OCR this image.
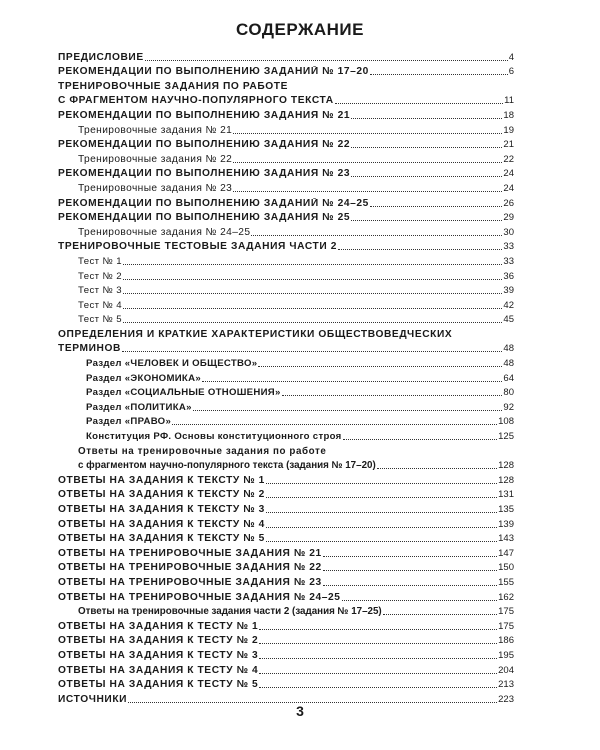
СОДЕРЖАНИЕ
ПРЕДИСЛОВИЕ	4
РЕКОМЕНДАЦИИ ПО ВЫПОЛНЕНИЮ ЗАДАНИЙ № 17–20	6
ТРЕНИРОВОЧНЫЕ ЗАДАНИЯ ПО РАБОТЕ
С ФРАГМЕНТОМ НАУЧНО-ПОПУЛЯРНОГО ТЕКСТА	11
РЕКОМЕНДАЦИИ ПО ВЫПОЛНЕНИЮ ЗАДАНИЯ № 21	18
Тренировочные задания № 21	19
РЕКОМЕНДАЦИИ ПО ВЫПОЛНЕНИЮ ЗАДАНИЯ № 22	21
Тренировочные задания № 22	22
РЕКОМЕНДАЦИИ ПО ВЫПОЛНЕНИЮ ЗАДАНИЯ № 23	24
Тренировочные задания № 23	24
РЕКОМЕНДАЦИИ ПО ВЫПОЛНЕНИЮ ЗАДАНИЙ № 24–25	26
РЕКОМЕНДАЦИИ ПО ВЫПОЛНЕНИЮ ЗАДАНИЯ № 25	29
Тренировочные задания № 24–25	30
ТРЕНИРОВОЧНЫЕ ТЕСТОВЫЕ ЗАДАНИЯ ЧАСТИ 2	33
Тест № 1	33
Тест № 2	36
Тест № 3	39
Тест № 4	42
Тест № 5	45
ОПРЕДЕЛЕНИЯ И КРАТКИЕ ХАРАКТЕРИСТИКИ ОБЩЕСТВОВЕДЧЕСКИХ
ТЕРМИНОВ	48
Раздел «ЧЕЛОВЕК И ОБЩЕСТВО»	48
Раздел «ЭКОНОМИКА»	64
Раздел «СОЦИАЛЬНЫЕ ОТНОШЕНИЯ»	80
Раздел «ПОЛИТИКА»	92
Раздел «ПРАВО»	108
Конституция РФ. Основы конституционного строя	125
Ответы на тренировочные задания по работе
с фрагментом научно-популярного текста (задания № 17–20)	128
ОТВЕТЫ НА ЗАДАНИЯ К ТЕКСТУ № 1	128
ОТВЕТЫ НА ЗАДАНИЯ К ТЕКСТУ № 2	131
ОТВЕТЫ НА ЗАДАНИЯ К ТЕКСТУ № 3	135
ОТВЕТЫ НА ЗАДАНИЯ К ТЕКСТУ № 4	139
ОТВЕТЫ НА ЗАДАНИЯ К ТЕКСТУ № 5	143
ОТВЕТЫ НА ТРЕНИРОВОЧНЫЕ ЗАДАНИЯ № 21	147
ОТВЕТЫ НА ТРЕНИРОВОЧНЫЕ ЗАДАНИЯ № 22	150
ОТВЕТЫ НА ТРЕНИРОВОЧНЫЕ ЗАДАНИЯ № 23	155
ОТВЕТЫ НА ТРЕНИРОВОЧНЫЕ ЗАДАНИЯ № 24–25	162
Ответы на тренировочные задания части 2 (задания № 17–25)	175
ОТВЕТЫ НА ЗАДАНИЯ К ТЕСТУ № 1	175
ОТВЕТЫ НА ЗАДАНИЯ К ТЕСТУ № 2	186
ОТВЕТЫ НА ЗАДАНИЯ К ТЕСТУ № 3	195
ОТВЕТЫ НА ЗАДАНИЯ К ТЕСТУ № 4	204
ОТВЕТЫ НА ЗАДАНИЯ К ТЕСТУ № 5	213
ИСТОЧНИКИ	223
3
